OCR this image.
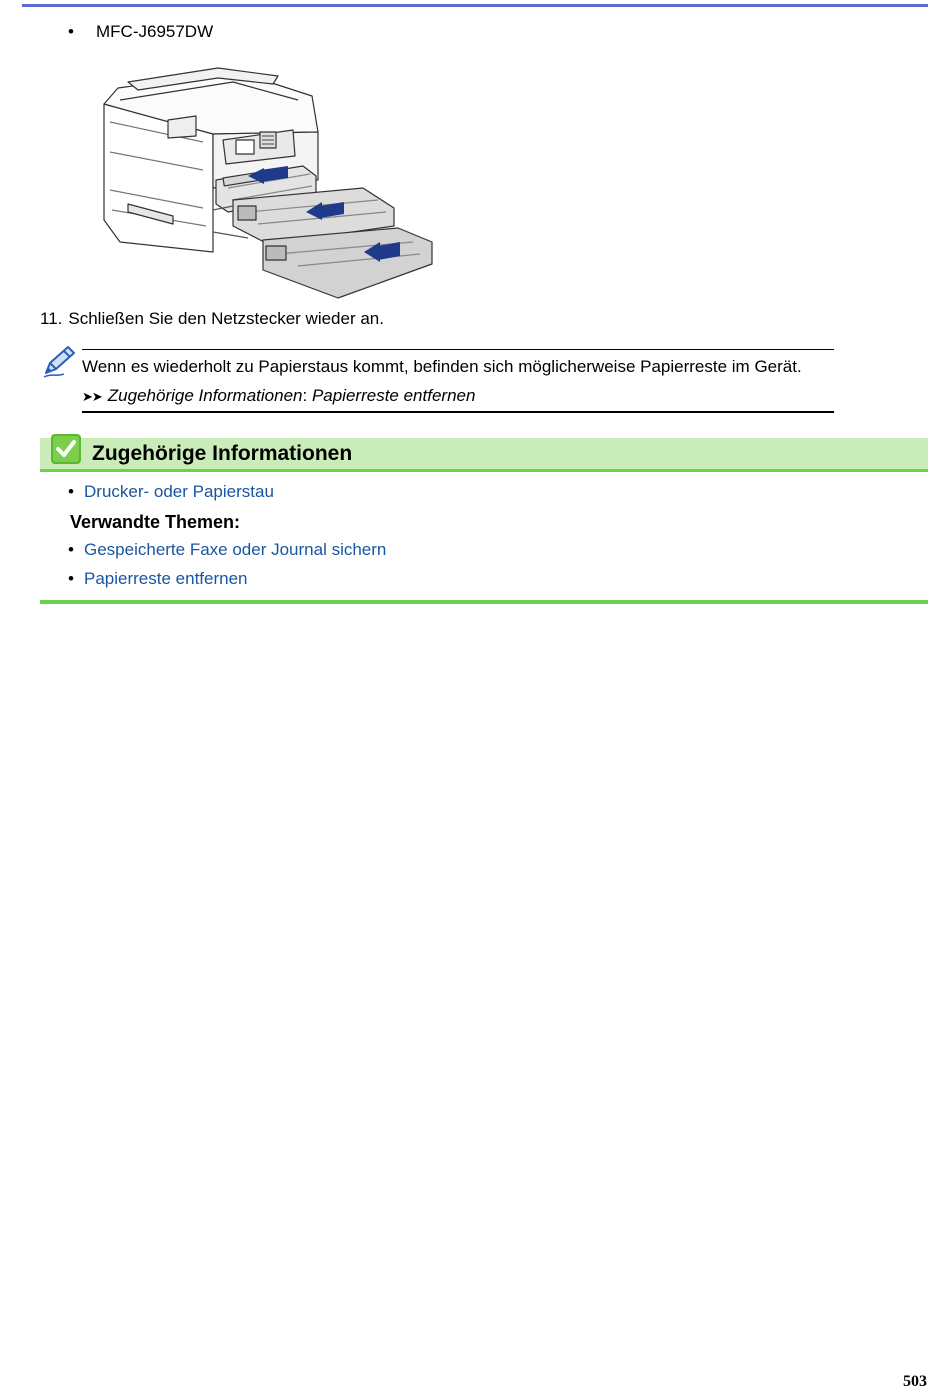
•	MFC-J6957DW
11. Schließen Sie den Netzstecker wieder an.
Wenn es wiederholt zu Papierstaus kommt, befinden sich möglicherweise Papierreste im Gerät.
➤➤ Zugehörige Informationen: Papierreste entfernen
Zugehörige Informationen
• Drucker- oder Papierstau
Verwandte Themen:
• Gespeicherte Faxe oder Journal sichern
• Papierreste entfernen
503
